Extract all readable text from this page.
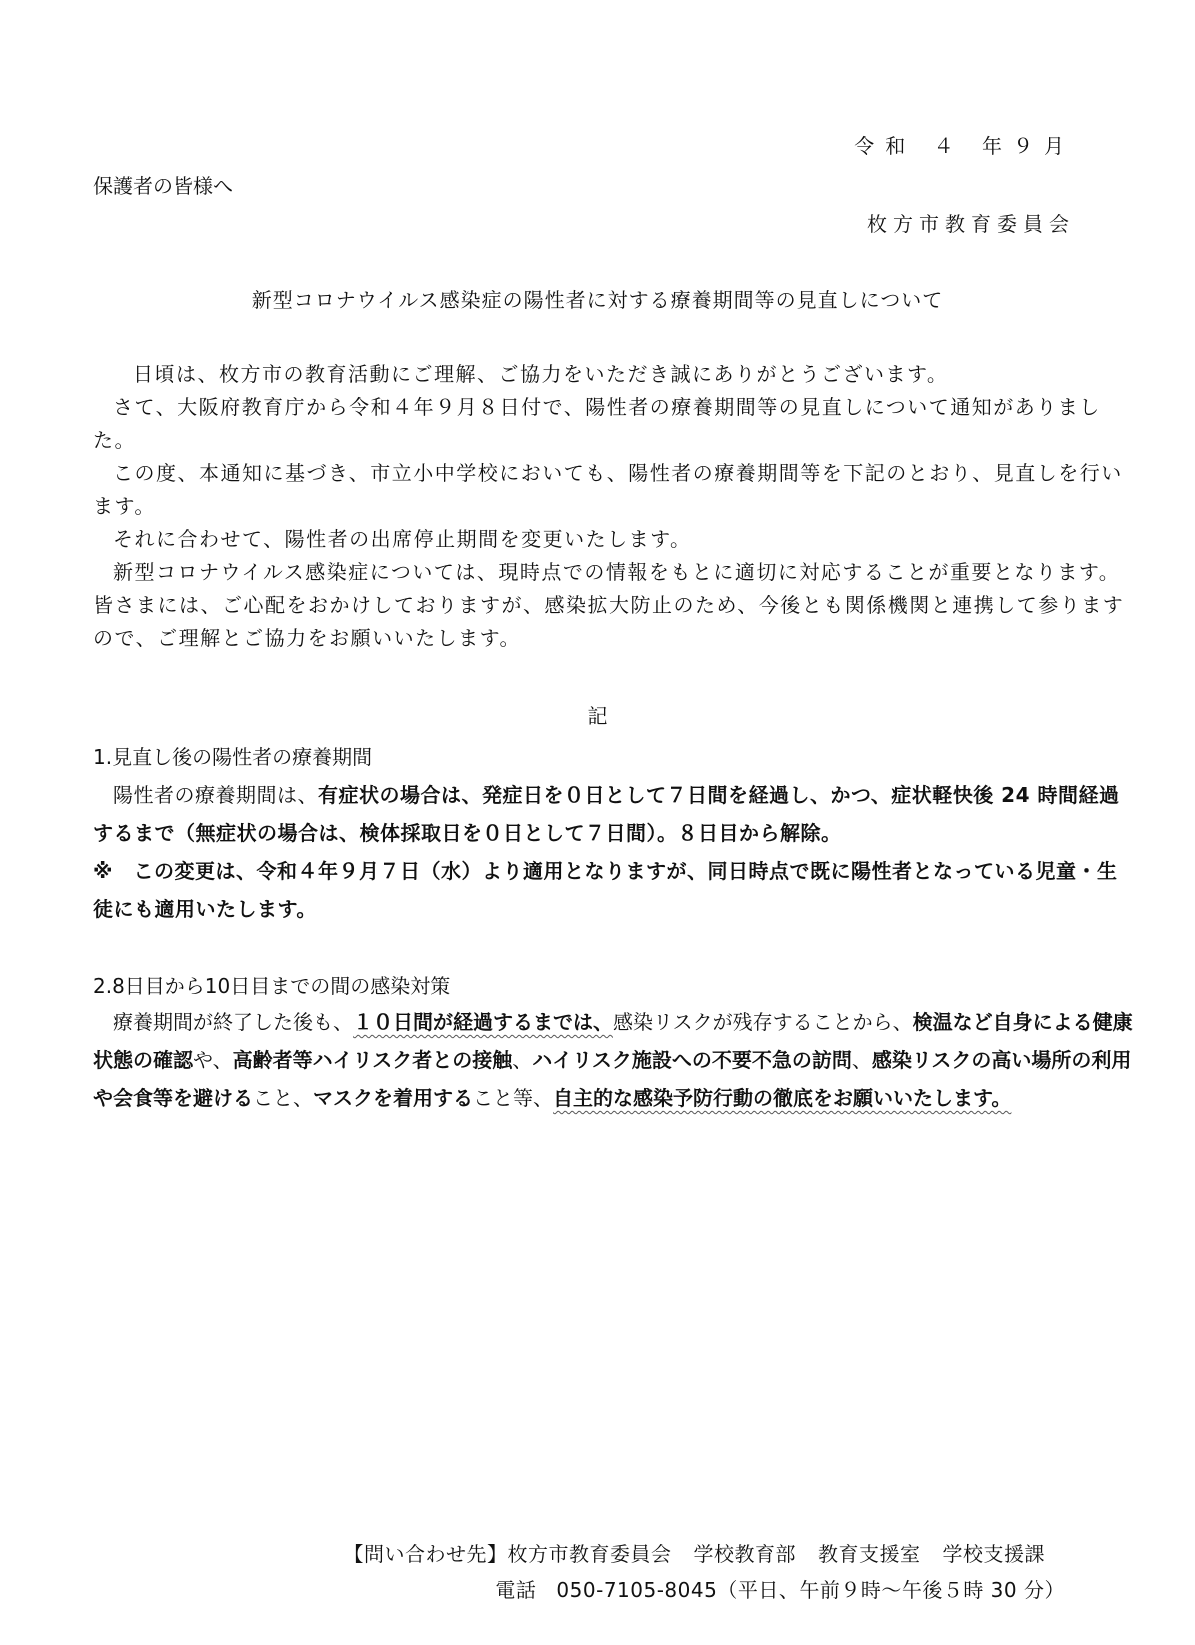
令和 ４ 年９月
保護者の皆様へ
枚方市教育委員会
新型コロナウイルス感染症の陽性者に対する療養期間等の見直しについて

日頃は、枚方市の教育活動にご理解、ご協力をいただき誠にありがとうございます。

さて、大阪府教育庁から令和４年９月８日付で、陽性者の療養期間等の見直しについて通知がありました。

この度、本通知に基づき、市立小中学校においても、陽性者の療養期間等を下記のとおり、見直しを行います。

それに合わせて、陽性者の出席停止期間を変更いたします。

新型コロナウイルス感染症については、現時点での情報をもとに適切に対応することが重要となります。皆さまには、ご心配をおかけしておりますが、感染拡大防止のため、今後とも関係機関と連携して参りますので、ご理解とご協力をお願いいたします。

記
1.見直し後の陽性者の療養期間

陽性者の療養期間は、有症状の場合は、発症日を０日として７日間を経過し、かつ、症状軽快後 24 時間経過するまで（無症状の場合は、検体採取日を０日として７日間）。８日目から解除。

※　この変更は、令和４年９月７日（水）より適用となりますが、同日時点で既に陽性者となっている児童・生徒にも適用いたします。

2.8日目から10日目までの間の感染対策

療養期間が終了した後も、１０日間が経過するまでは、感染リスクが残存することから、検温など自身による健康状態の確認や、高齢者等ハイリスク者との接触、ハイリスク施設への不要不急の訪問、感染リスクの高い場所の利用や会食等を避けること、マスクを着用すること等、自主的な感染予防行動の徹底をお願いいたします。

【問い合わせ先】枚方市教育委員会 学校教育部 教育支援室 学校支援課
電話 050-7105-8045（平日、午前９時～午後５時 30 分）
